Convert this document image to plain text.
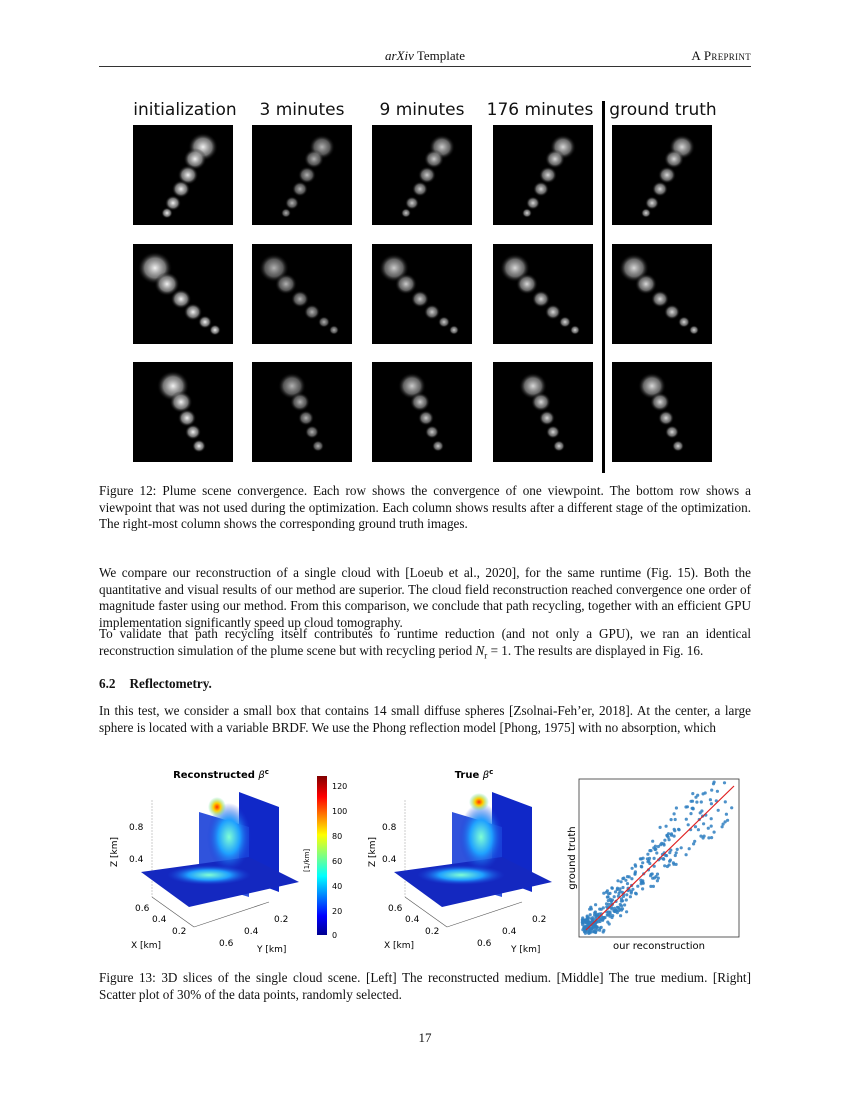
arXiv Template	A Preprint
initialization	3 minutes	9 minutes	176 minutes ground truth
Figure 12: Plume scene convergence. Each row shows the convergence of one viewpoint. The bottom row shows a viewpoint that was not used during the optimization. Each column shows results after a different stage of the optimization. The right-most column shows the corresponding ground truth images.
We compare our reconstruction of a single cloud with [Loeub et al., 2020], for the same runtime (Fig. 15). Both the quantitative and visual results of our method are superior. The cloud field reconstruction reached convergence one order of magnitude faster using our method. From this comparison, we conclude that path recycling, together with an efficient GPU implementation significantly speed up cloud tomography.
To validate that path recycling itself contributes to runtime reduction (and not only a GPU), we ran an identical reconstruction simulation of the plume scene but with recycling period $N_r = 1$. The results are displayed in Fig. 16.
6.2 Reflectometry.
In this test, we consider a small box that contains 14 small diffuse spheres [Zsolnai-Feh’er, 2018]. At the center, a large sphere is located with a variable BRDF. We use the Phong reflection model [Phong, 1975] with no absorption, which
Reconstructed $\beta^c$
0.8
0.4
Z [km]
0.6
0.4
0.2
X [km]	0.6
0.4
0.2
Y [km]
120
100
80
60
40
20
0
[1/km]
True $\beta^c$
0.8
0.4
Z [km]
0.6
0.4
0.2
X [km]	0.6
0.4
0.2
Y [km]	our reconstruction
ground truth
Figure 13: 3D slices of the single cloud scene. [Left] The reconstructed medium. [Middle] The true medium. [Right] Scatter plot of 30% of the data points, randomly selected.
17
